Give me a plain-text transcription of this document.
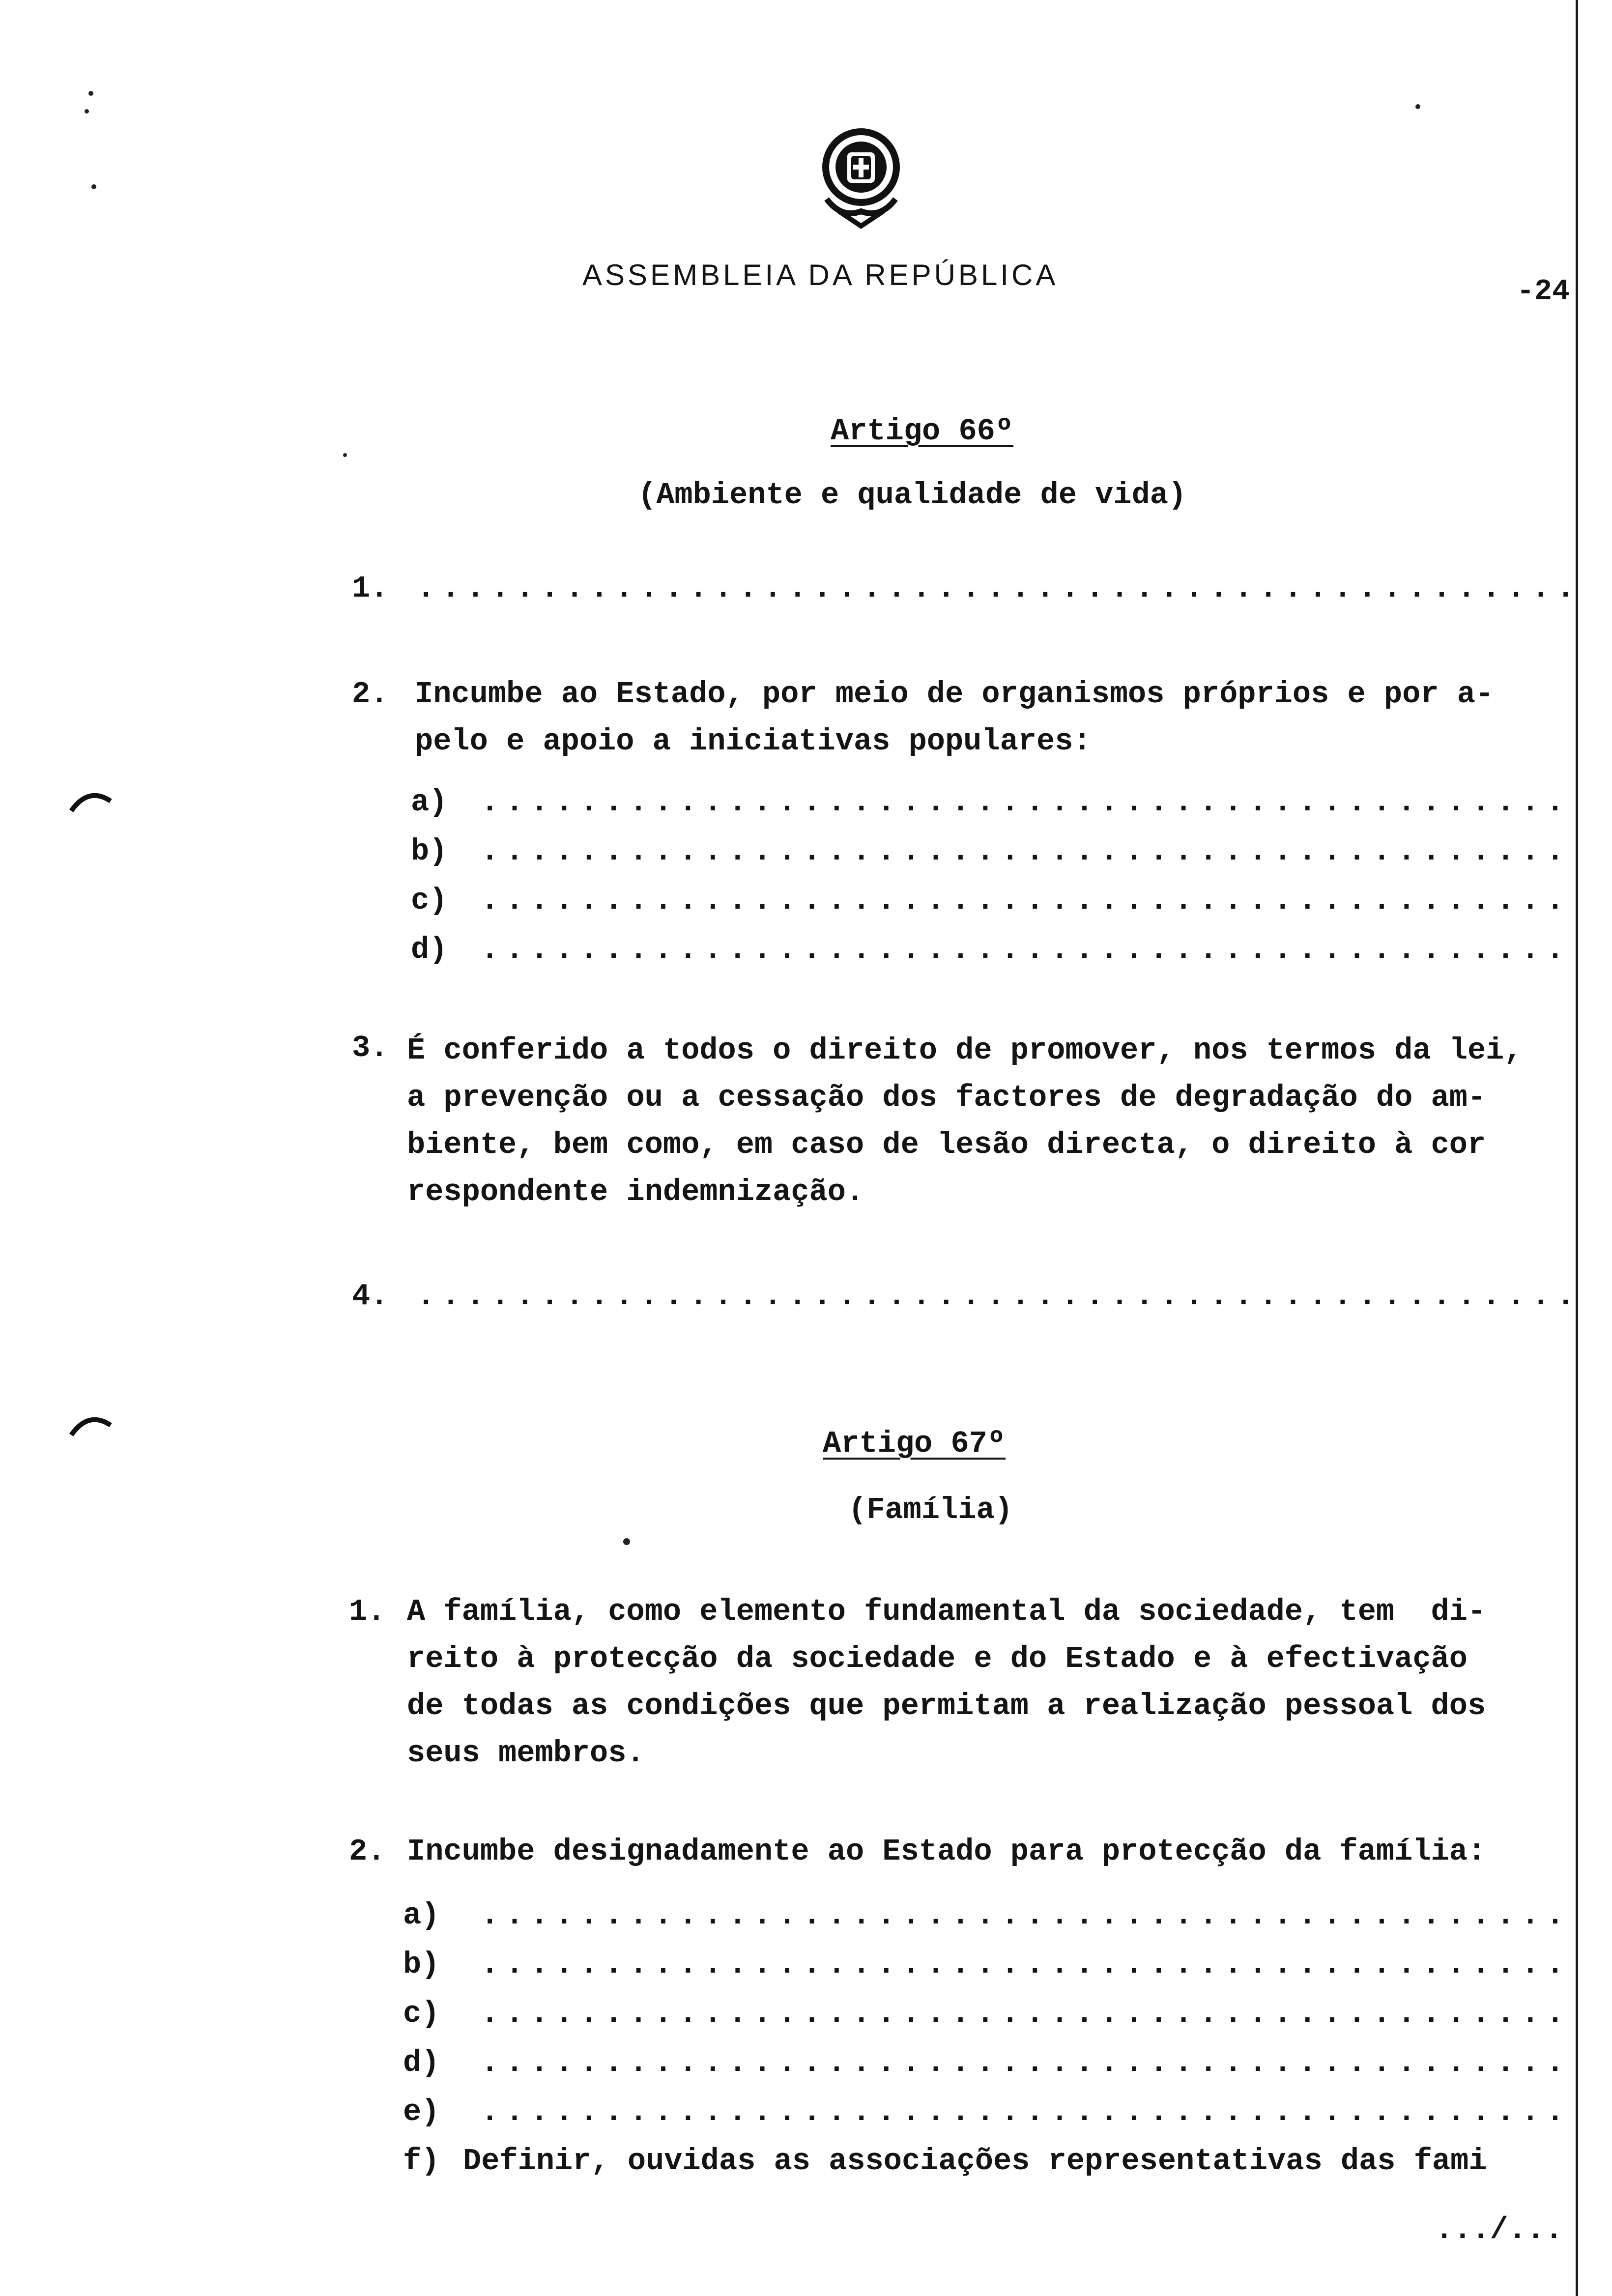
ASSEMBLEIA DA REPÚBLICA
-24
Artigo 66º
(Ambiente e qualidade de vida)
1.
. . .
2. Incumbe ao Estado, por meio de organismos próprios e por a-
pelo e apoio a iniciativas populares:
a)
. . .
b)
. . .
c)
. . .
d)
. . .
3. É conferido a todos o direito de promover, nos termos da lei,
a prevenção ou a cessação dos factores de degradação do am-
biente, bem como, em caso de lesão directa, o direito à cor
respondente indemnização.
4.
. . .
Artigo 67º
(Família)
1. A família, como elemento fundamental da sociedade, tem  di-
reito à protecção da sociedade e do Estado e à efectivação
de todas as condições que permitam a realização pessoal dos
seus membros.
2. Incumbe designadamente ao Estado para protecção da família:
a)
. . .
b)
. . .
c)
. . .
d)
. . .
e)
. . .
f) Definir, ouvidas as associações representativas das fami
.../...
